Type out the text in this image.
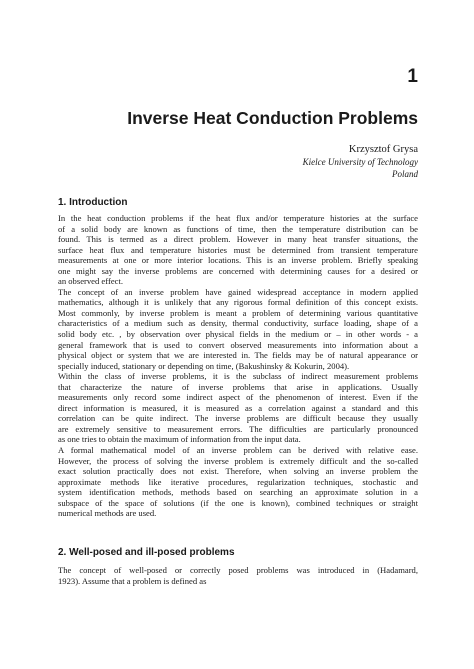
1
Inverse Heat Conduction Problems
Krzysztof Grysa
Kielce University of Technology
Poland
1. Introduction
In the heat conduction problems if the heat flux and/or temperature histories at the surface
of a solid body are known as functions of time, then the temperature distribution can be
found. This is termed as a direct problem. However in many heat transfer situations, the
surface heat flux and temperature histories must be determined from transient temperature
measurements at one or more interior locations. This is an inverse problem. Briefly speaking
one might say the inverse problems are concerned with determining causes for a desired or
an observed effect.
The concept of an inverse problem have gained widespread acceptance in modern applied
mathematics, although it is unlikely that any rigorous formal definition of this concept exists.
Most commonly, by inverse problem is meant a problem of determining various quantitative
characteristics of a medium such as density, thermal conductivity, surface loading, shape of a
solid body etc. , by observation over physical fields in the medium or – in other words - a
general framework that is used to convert observed measurements into information about a
physical object or system that we are interested in. The fields may be of natural appearance or
specially induced, stationary or depending on time, (Bakushinsky & Kokurin, 2004).
Within the class of inverse problems, it is the subclass of indirect measurement problems
that characterize the nature of inverse problems that arise in applications. Usually
measurements only record some indirect aspect of the phenomenon of interest. Even if the
direct information is measured, it is measured as a correlation against a standard and this
correlation can be quite indirect. The inverse problems are difficult because they usually
are extremely sensitive to measurement errors. The difficulties are particularly pronounced
as one tries to obtain the maximum of information from the input data.
A formal mathematical model of an inverse problem can be derived with relative ease.
However, the process of solving the inverse problem is extremely difficult and the so-called
exact solution practically does not exist. Therefore, when solving an inverse problem the
approximate methods like iterative procedures, regularization techniques, stochastic and
system identification methods, methods based on searching an approximate solution in a
subspace of the space of solutions (if the one is known), combined techniques or straight
numerical methods are used.
2. Well-posed and ill-posed problems
The concept of well-posed or correctly posed problems was introduced in (Hadamard,
1923). Assume that a problem is defined as
